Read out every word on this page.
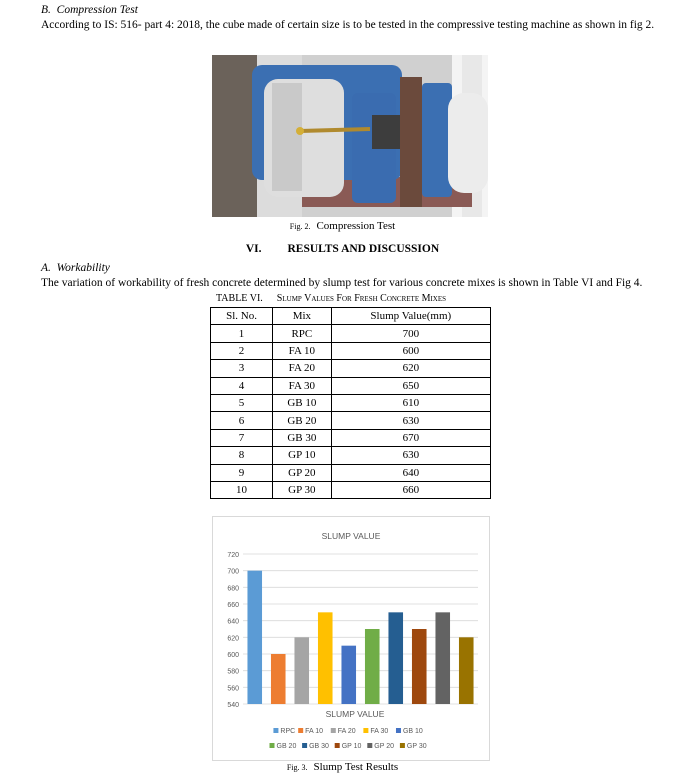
B. Compression Test
According to IS: 516- part 4: 2018, the cube made of certain size is to be tested in the compressive testing machine as shown in fig 2.
Fig. 2. Compression Test
VI. RESULTS AND DISCUSSION
A. Workability
The variation of workability of fresh concrete determined by slump test for various concrete mixes is shown in Table VI and Fig 4.
TABLE VI. Slump Values For Fresh Concrete Mixes
Sl. No.	Mix	Slump Value(mm)
1	RPC	700
2	FA 10	600
3	FA 20	620
4	FA 30	650
5	GB 10	610
6	GB 20	630
7	GB 30	670
8	GP 10	630
9	GP 20	640
10	GP 30	660
SLUMP VALUE
540
560
580
600
620
640
660
680
700
720
SLUMP VALUE
RPC FA 10 FA 20 FA 30 GB 10
GB 20 GB 30 GP 10 GP 20 GP 30
Fig. 3. Slump Test Results
